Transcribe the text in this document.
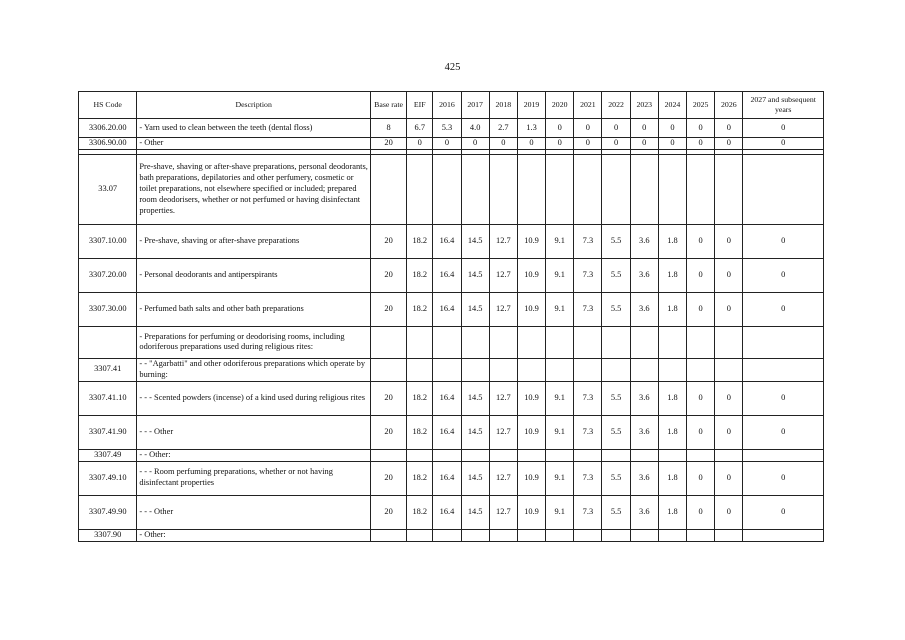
425
HS Code	Description	Base rate	EIF	2016	2017	2018	2019	2020	2021	2022	2023	2024	2025	2026	2027 and subsequent years
3306.20.00	- Yarn used to clean between the teeth (dental floss)	8	6.7	5.3	4.0	2.7	1.3	0	0	0	0	0	0	0	0
3306.90.00	- Other	20	0	0	0	0	0	0	0	0	0	0	0	0	0

33.07	Pre-shave, shaving or after-shave preparations, personal deodorants, bath preparations, depilatories and other perfumery, cosmetic or toilet preparations, not elsewhere specified or included; prepared room deodorisers, whether or not perfumed or having disinfectant properties.														
3307.10.00	- Pre-shave, shaving or after-shave preparations	20	18.2	16.4	14.5	12.7	10.9	9.1	7.3	5.5	3.6	1.8	0	0	0
3307.20.00	- Personal deodorants and antiperspirants	20	18.2	16.4	14.5	12.7	10.9	9.1	7.3	5.5	3.6	1.8	0	0	0
3307.30.00	- Perfumed bath salts and other bath preparations	20	18.2	16.4	14.5	12.7	10.9	9.1	7.3	5.5	3.6	1.8	0	0	0
	- Preparations for perfuming or deodorising rooms, including odoriferous preparations used during religious rites:														
3307.41	- - "Agarbatti" and other odoriferous preparations which operate by burning:														
3307.41.10	- - - Scented powders (incense) of a kind used during religious rites	20	18.2	16.4	14.5	12.7	10.9	9.1	7.3	5.5	3.6	1.8	0	0	0
3307.41.90	- - - Other	20	18.2	16.4	14.5	12.7	10.9	9.1	7.3	5.5	3.6	1.8	0	0	0
3307.49	- - Other:														
3307.49.10	- - - Room perfuming preparations, whether or not having disinfectant properties	20	18.2	16.4	14.5	12.7	10.9	9.1	7.3	5.5	3.6	1.8	0	0	0
3307.49.90	- - - Other	20	18.2	16.4	14.5	12.7	10.9	9.1	7.3	5.5	3.6	1.8	0	0	0
3307.90	- Other:														
